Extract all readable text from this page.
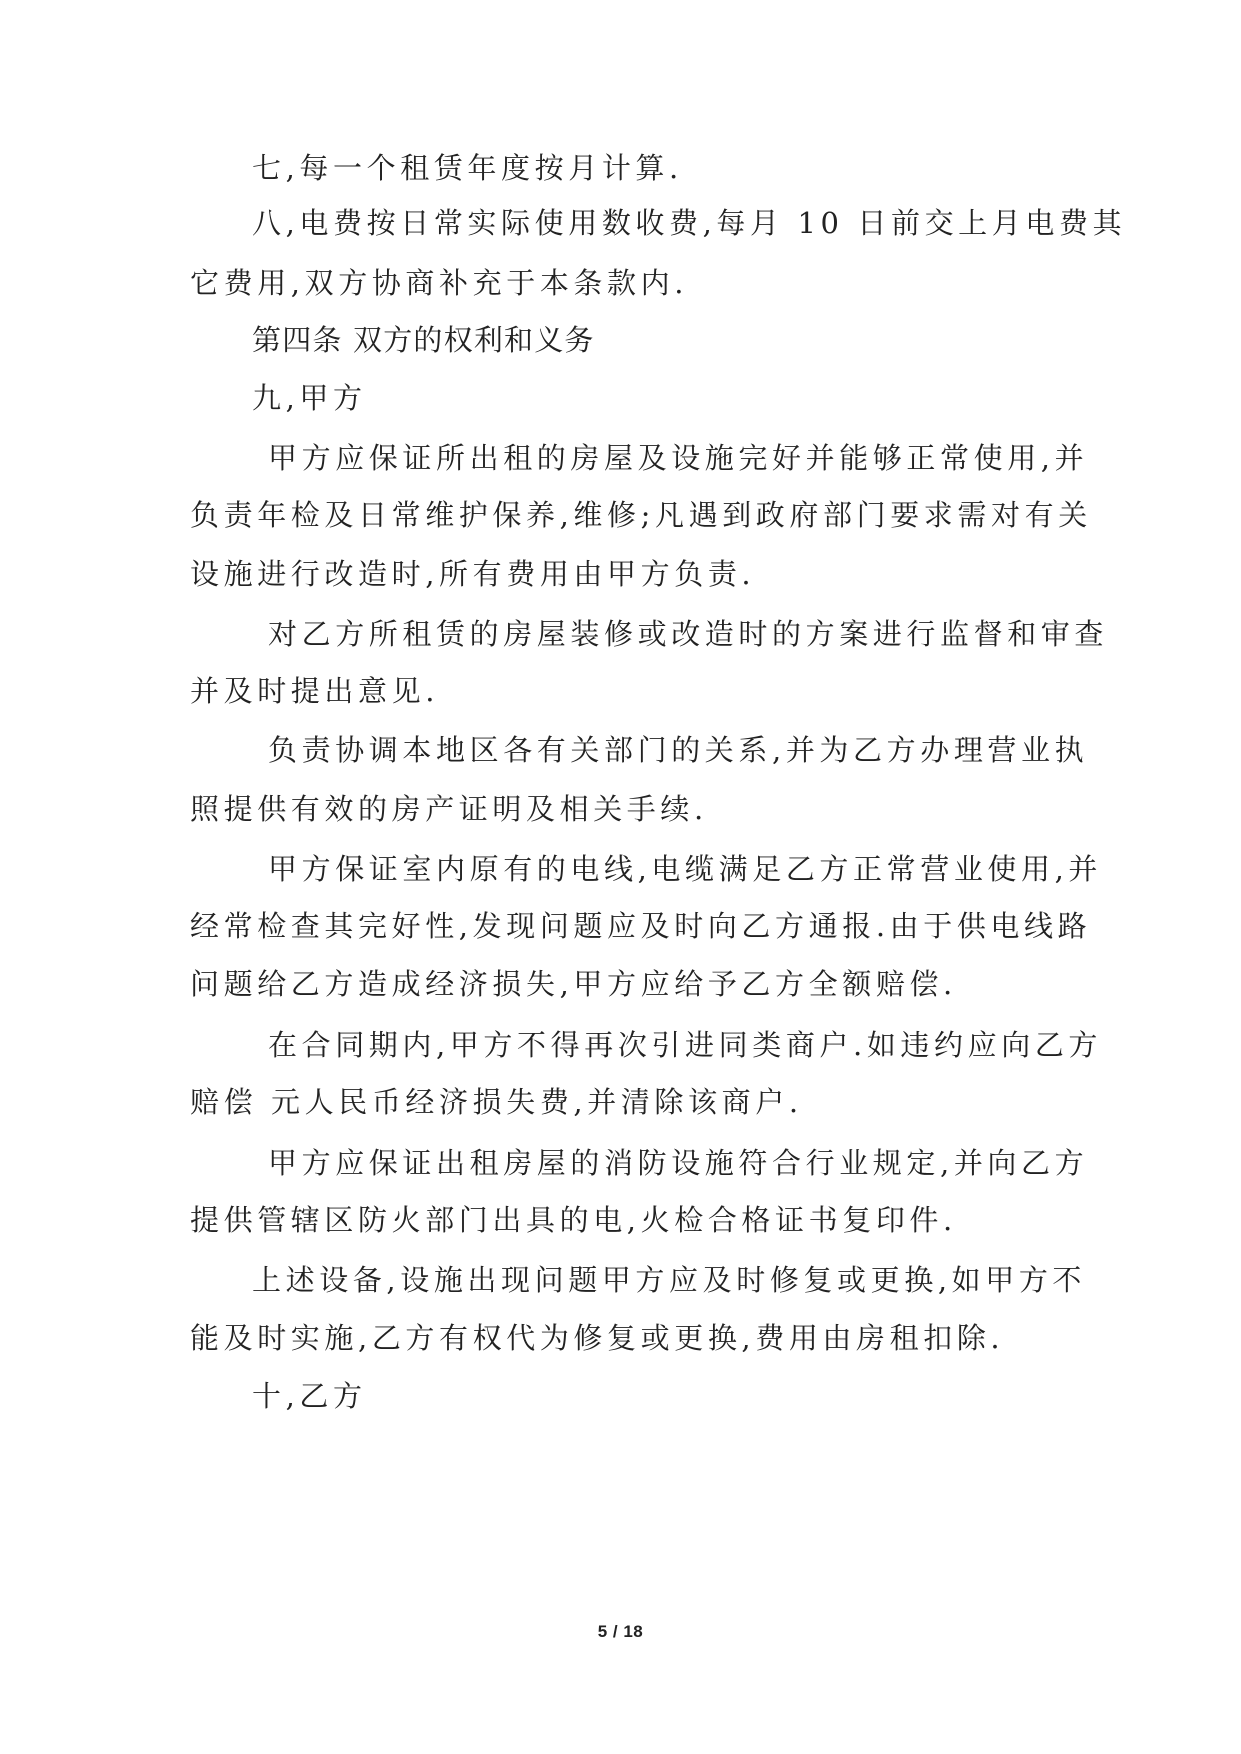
七,每一个租赁年度按月计算.
八,电费按日常实际使用数收费,每月 10 日前交上月电费其
它费用,双方协商补充于本条款内.
第四条 双方的权利和义务
九,甲方
甲方应保证所出租的房屋及设施完好并能够正常使用,并
负责年检及日常维护保养,维修;凡遇到政府部门要求需对有关
设施进行改造时,所有费用由甲方负责.
对乙方所租赁的房屋装修或改造时的方案进行监督和审查
并及时提出意见.
负责协调本地区各有关部门的关系,并为乙方办理营业执
照提供有效的房产证明及相关手续.
甲方保证室内原有的电线,电缆满足乙方正常营业使用,并
经常检查其完好性,发现问题应及时向乙方通报.由于供电线路
问题给乙方造成经济损失,甲方应给予乙方全额赔偿.
在合同期内,甲方不得再次引进同类商户.如违约应向乙方
赔偿 元人民币经济损失费,并清除该商户.
甲方应保证出租房屋的消防设施符合行业规定,并向乙方
提供管辖区防火部门出具的电,火检合格证书复印件.
上述设备,设施出现问题甲方应及时修复或更换,如甲方不
能及时实施,乙方有权代为修复或更换,费用由房租扣除.
十,乙方
5 / 18
